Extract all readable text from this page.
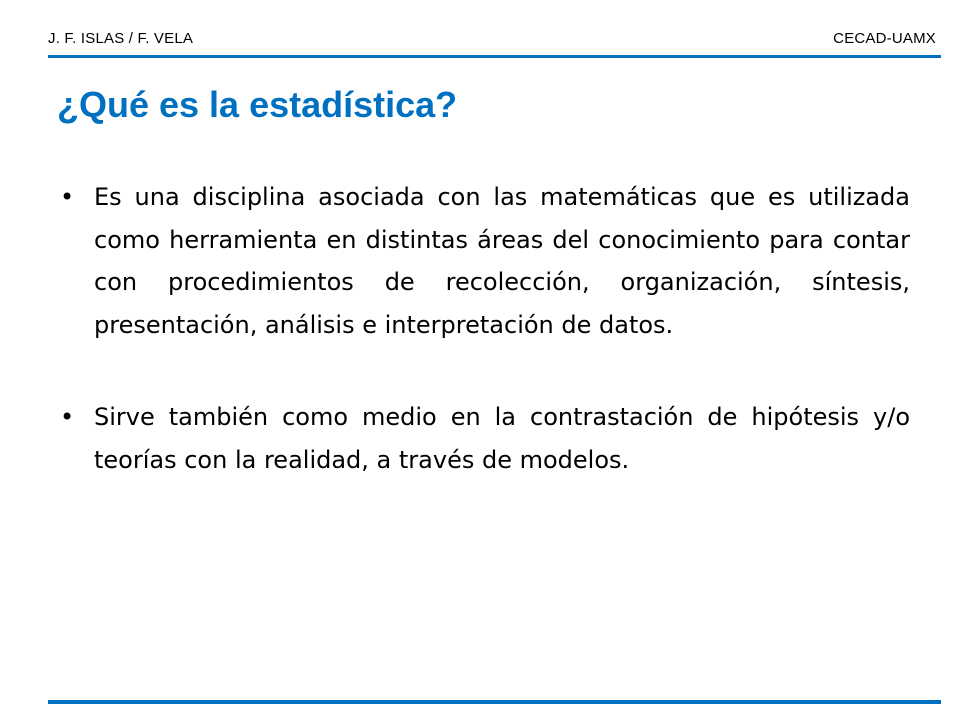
J. F. ISLAS / F. VELA	CECAD-UAMX
¿Qué es la estadística?
• Es una disciplina asociada con las matemáticas que es utilizada como herramienta en distintas áreas del conocimiento para contar con procedimientos de recolección, organización, síntesis, presentación, análisis e interpretación de datos.
• Sirve también como medio en la contrastación de hipótesis y/o teorías con la realidad, a través de modelos.
